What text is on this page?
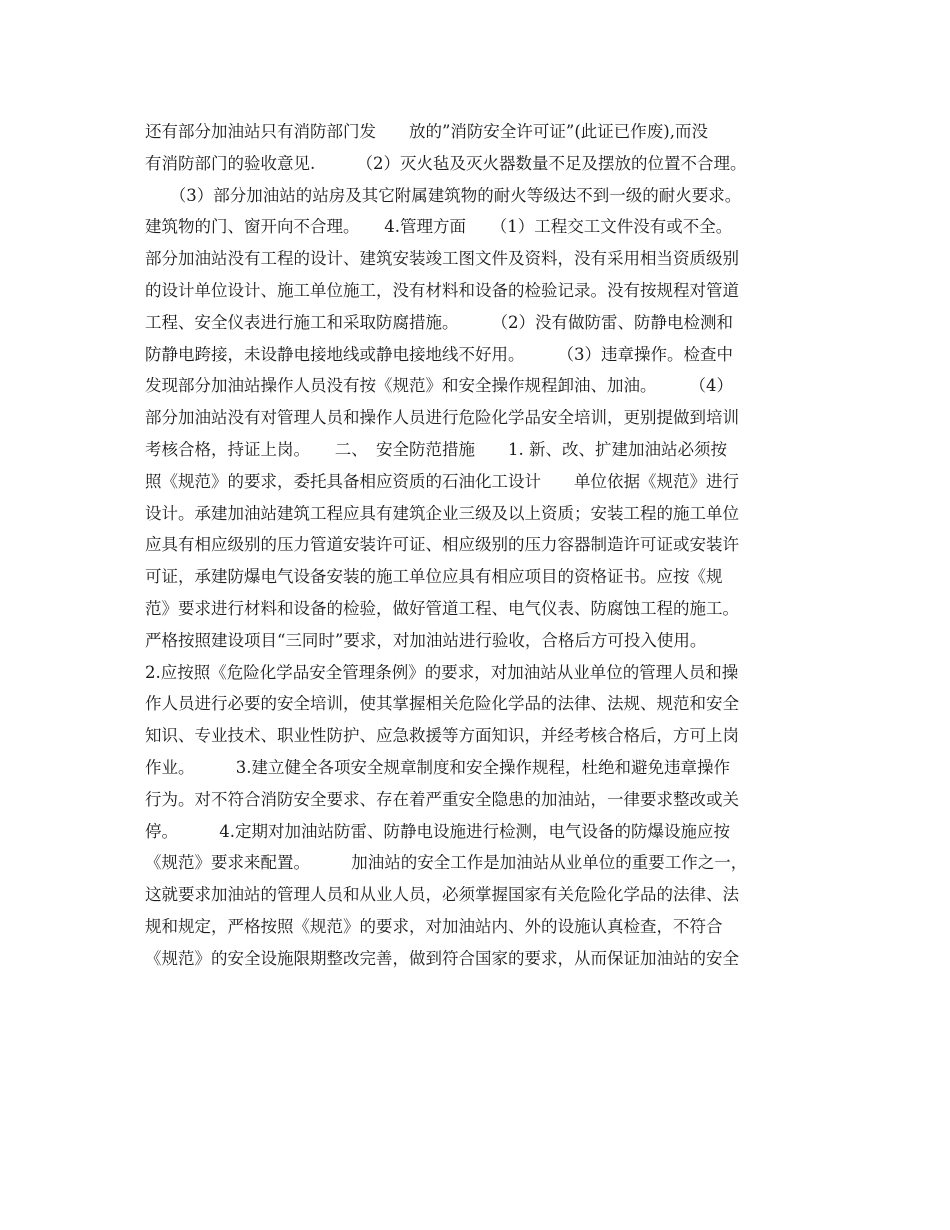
还有部分加油站只有消防部门发　　放的”消防安全许可证”(此证已作废),而没
有消防部门的验收意见.　　　（2）灭火毡及灭火器数量不足及摆放的位置不合理。
　　（3）部分加油站的站房及其它附属建筑物的耐火等级达不到一级的耐火要求。
建筑物的门、窗开向不合理。　　4.管理方面　　（1）工程交工文件没有或不全。
部分加油站没有工程的设计、建筑安装竣工图文件及资料，没有采用相当资质级别
的设计单位设计、施工单位施工，没有材料和设备的检验记录。没有按规程对管道
工程、安全仪表进行施工和采取防腐措施。　　　（2）没有做防雷、防静电检测和
防静电跨接，未设静电接地线或静电接地线不好用。　　　（3）违章操作。检查中
发现部分加油站操作人员没有按《规范》和安全操作规程卸油、加油。　　　（4）
部分加油站没有对管理人员和操作人员进行危险化学品安全培训，更别提做到培训
考核合格，持证上岗。　　二、　安全防范措施　　1. 新、改、扩建加油站必须按
照《规范》的要求，委托具备相应资质的石油化工设计　　单位依据《规范》进行
设计。承建加油站建筑工程应具有建筑企业三级及以上资质；安装工程的施工单位
应具有相应级别的压力管道安装许可证、相应级别的压力容器制造许可证或安装许
可证，承建防爆电气设备安装的施工单位应具有相应项目的资格证书。应按《规
范》要求进行材料和设备的检验，做好管道工程、电气仪表、防腐蚀工程的施工。
严格按照建设项目“三同时”要求，对加油站进行验收，合格后方可投入使用。
2.应按照《危险化学品安全管理条例》的要求，对加油站从业单位的管理人员和操
作人员进行必要的安全培训，使其掌握相关危险化学品的法律、法规、规范和安全
知识、专业技术、职业性防护、应急救援等方面知识，并经考核合格后，方可上岗
作业。　　　3.建立健全各项安全规章制度和安全操作规程，杜绝和避免违章操作
行为。对不符合消防安全要求、存在着严重安全隐患的加油站，一律要求整改或关
停。　　　4.定期对加油站防雷、防静电设施进行检测，电气设备的防爆设施应按
《规范》要求来配置。　　　加油站的安全工作是加油站从业单位的重要工作之一，
这就要求加油站的管理人员和从业人员，必须掌握国家有关危险化学品的法律、法
规和规定，严格按照《规范》的要求，对加油站内、外的设施认真检查，不符合
《规范》的安全设施限期整改完善，做到符合国家的要求，从而保证加油站的安全
